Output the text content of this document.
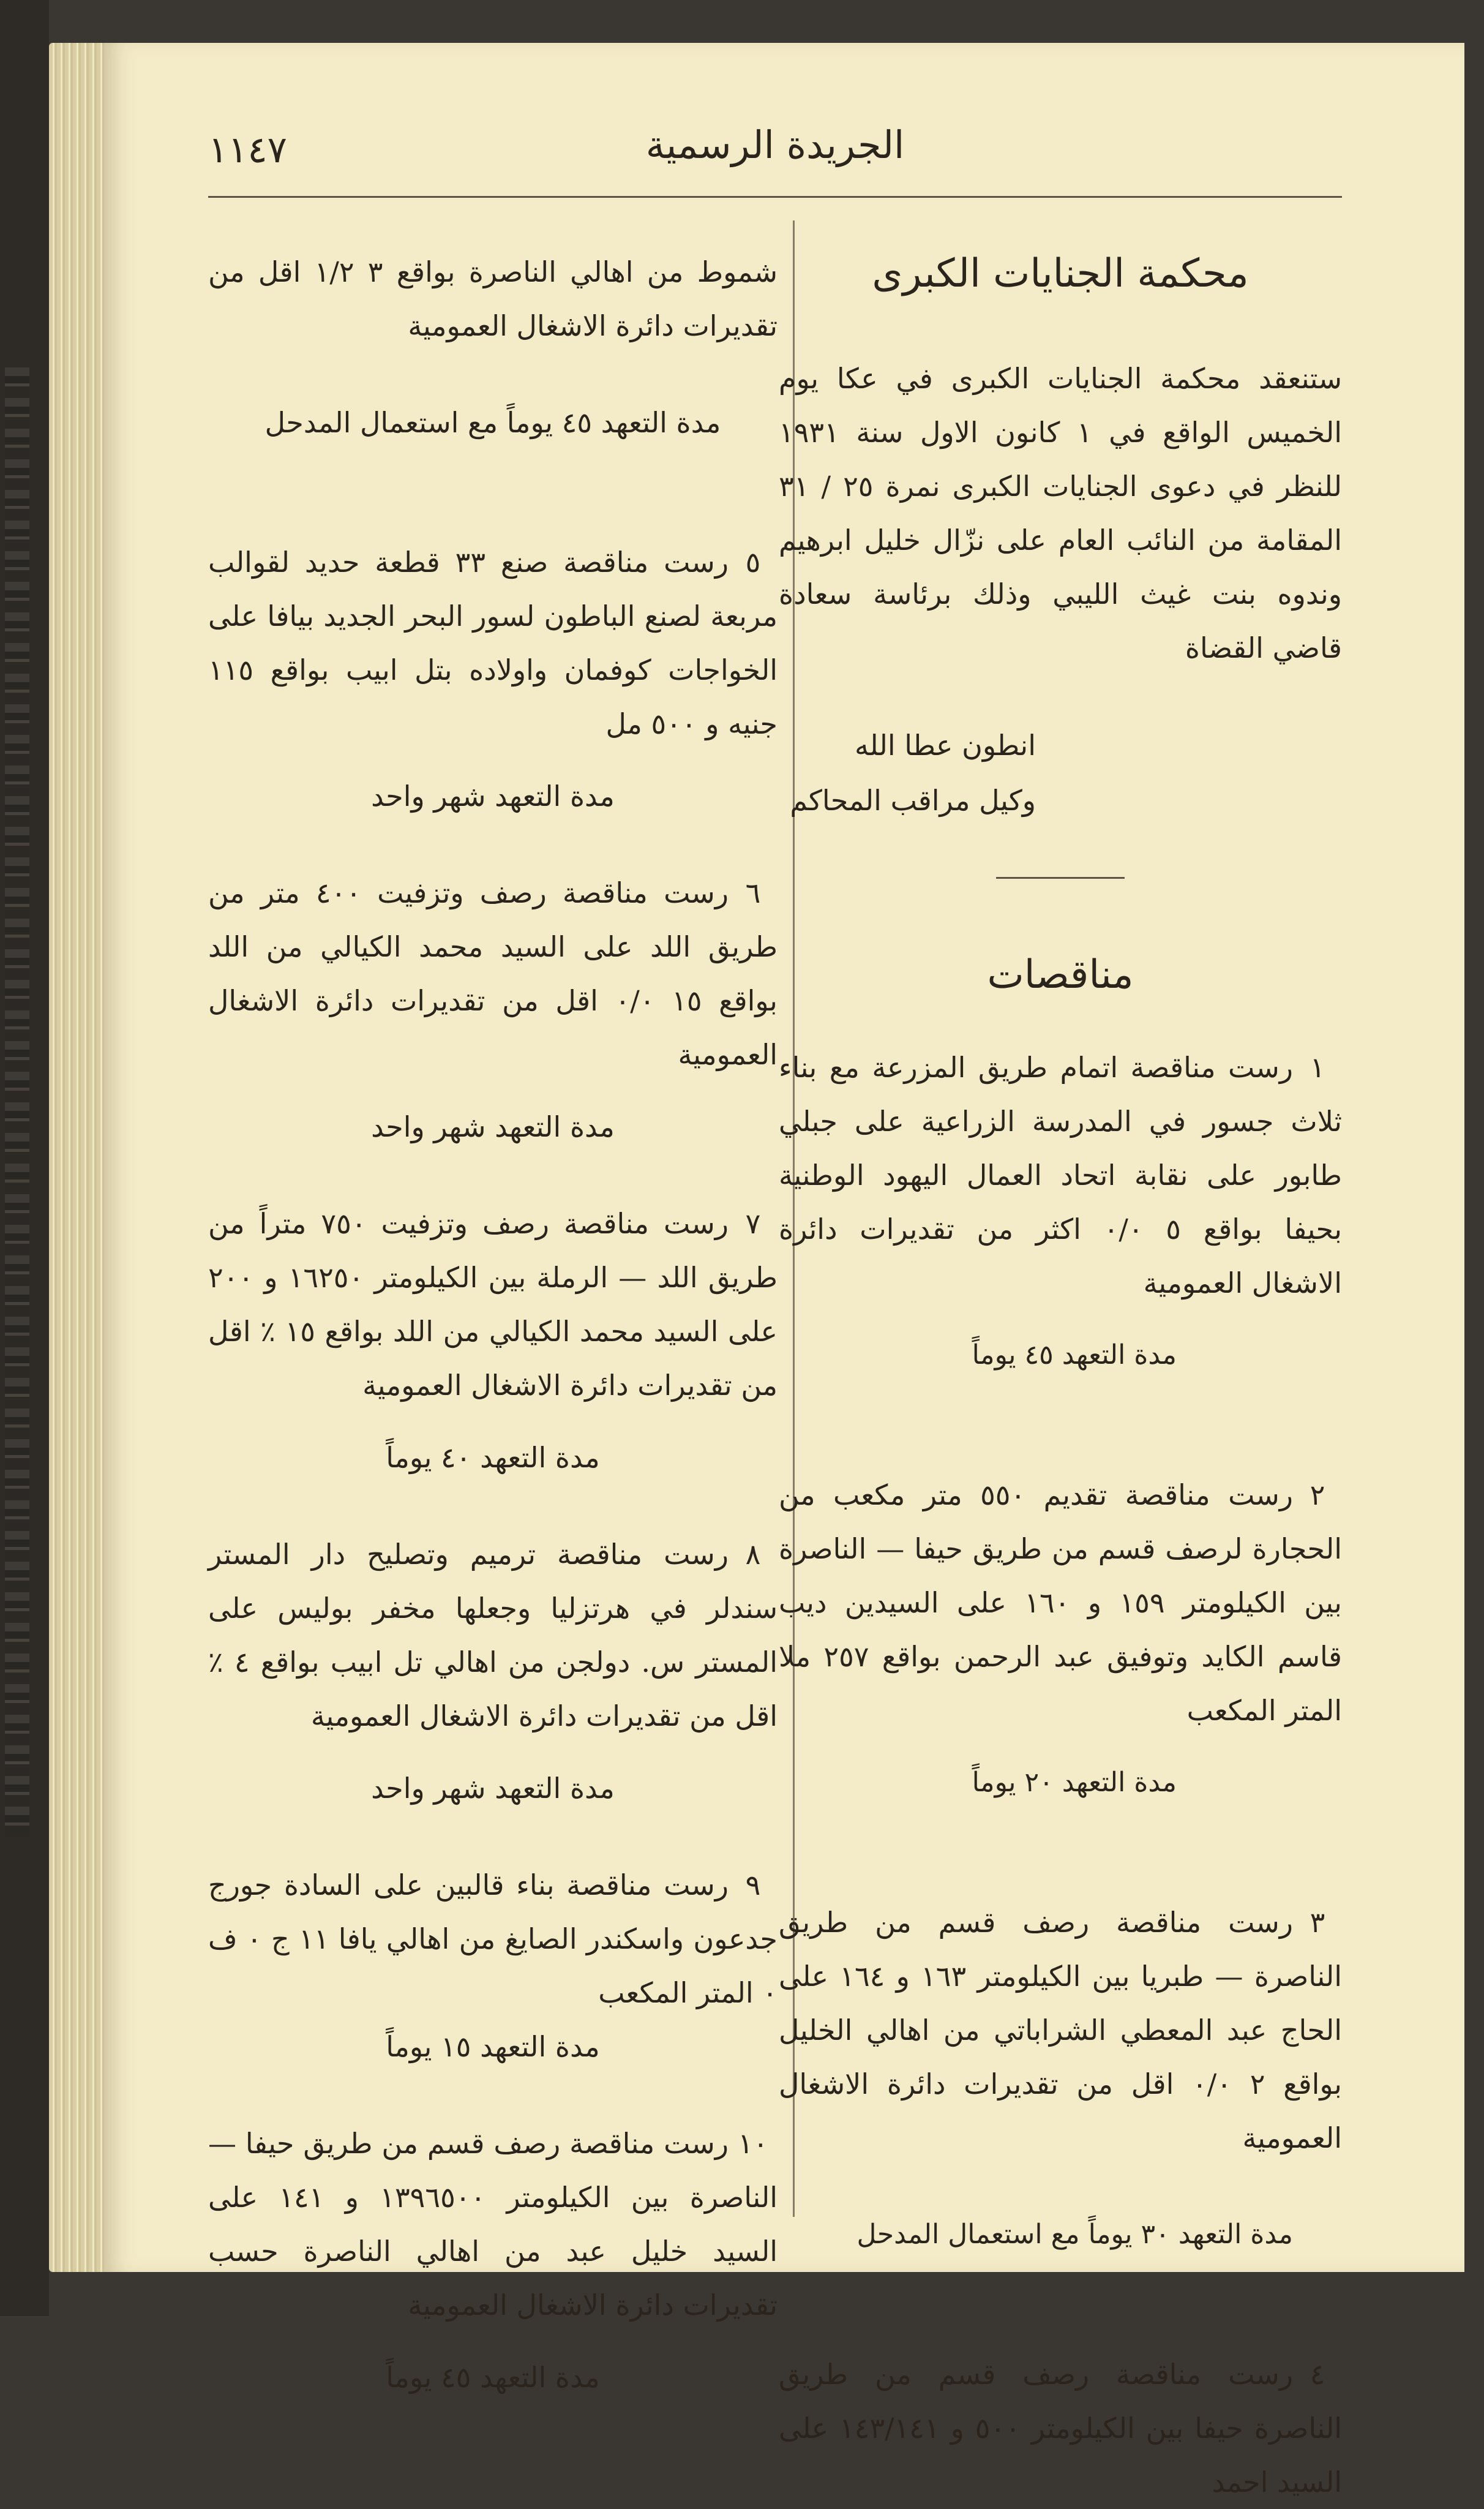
الجريدة الرسمية
١١٤٧
محكمة الجنايات الكبرى

ستنعقد محكمة الجنايات الكبرى في عكا يوم الخميس الواقع في ١ كانون الاول سنة ١٩٣١ للنظر في دعوى الجنايات الكبرى نمرة ٢٥ / ٣١ المقامة من النائب العام على نزّال خليل ابرهيم وندوه بنت غيث الليبي وذلك برئاسة سعادة قاضي القضاة

انطون عطا الله
وكيل مراقب المحاكم
مناقصات

١رست مناقصة اتمام طريق المزرعة مع بناء ثلاث جسور في المدرسة الزراعية على جبلي طابور على نقابة اتحاد العمال اليهود الوطنية بحيفا بواقع ٥ ٠/٠ اكثر من تقديرات دائرة الاشغال العمومية

مدة التعهد ٤٥ يوماً

٢رست مناقصة تقديم ٥٥٠ متر مكعب من الحجارة لرصف قسم من طريق حيفا — الناصرة بين الكيلومتر ١٥٩ و ١٦٠ على السيدين ديب قاسم الكايد وتوفيق عبد الرحمن بواقع ٢٥٧ ملا المتر المكعب

مدة التعهد ٢٠ يوماً

٣رست مناقصة رصف قسم من طريق الناصرة — طبريا بين الكيلومتر ١٦٣ و ١٦٤ على الحاج عبد المعطي الشراباتي من اهالي الخليل بواقع ٢ ٠/٠ اقل من تقديرات دائرة الاشغال العمومية

مدة التعهد ٣٠ يوماً مع استعمال المدحل

٤رست مناقصة رصف قسم من طريق الناصرة حيفا بين الكيلومتر ٥٠٠ و ١٤٣/١٤١ على السيد احمد

شموط من اهالي الناصرة بواقع ٣ ١/٢ اقل من تقديرات دائرة الاشغال العمومية

مدة التعهد ٤٥ يوماً مع استعمال المدحل

٥رست مناقصة صنع ٣٣ قطعة حديد لقوالب مربعة لصنع الباطون لسور البحر الجديد بيافا على الخواجات كوفمان واولاده بتل ابيب بواقع ١١٥ جنيه و ٥٠٠ مل

مدة التعهد شهر واحد

٦رست مناقصة رصف وتزفيت ٤٠٠ متر من طريق اللد على السيد محمد الكيالي من اللد بواقع ١٥ ٠/٠ اقل من تقديرات دائرة الاشغال العمومية

مدة التعهد شهر واحد

٧رست مناقصة رصف وتزفيت ٧٥٠ متراً من طريق اللد — الرملة بين الكيلومتر ١٦٢٥٠ و ٢٠٠ على السيد محمد الكيالي من اللد بواقع ١٥ ٪ اقل من تقديرات دائرة الاشغال العمومية

مدة التعهد ٤٠ يوماً

٨رست مناقصة ترميم وتصليح دار المستر سندلر في هرتزليا وجعلها مخفر بوليس على المستر س. دولجن من اهالي تل ابيب بواقع ٤ ٪ اقل من تقديرات دائرة الاشغال العمومية

مدة التعهد شهر واحد

٩رست مناقصة بناء قالبين على السادة جورج جدعون واسكندر الصايغ من اهالي يافا ١١ ج ٠ ف ٠ المتر المكعب

مدة التعهد ١٥ يوماً

١٠رست مناقصة رصف قسم من طريق حيفا — الناصرة بين الكيلومتر ١٣٩٦٥٠٠ و ١٤١ على السيد خليل عبد من اهالي الناصرة حسب تقديرات دائرة الاشغال العمومية

مدة التعهد ٤٥ يوماً
